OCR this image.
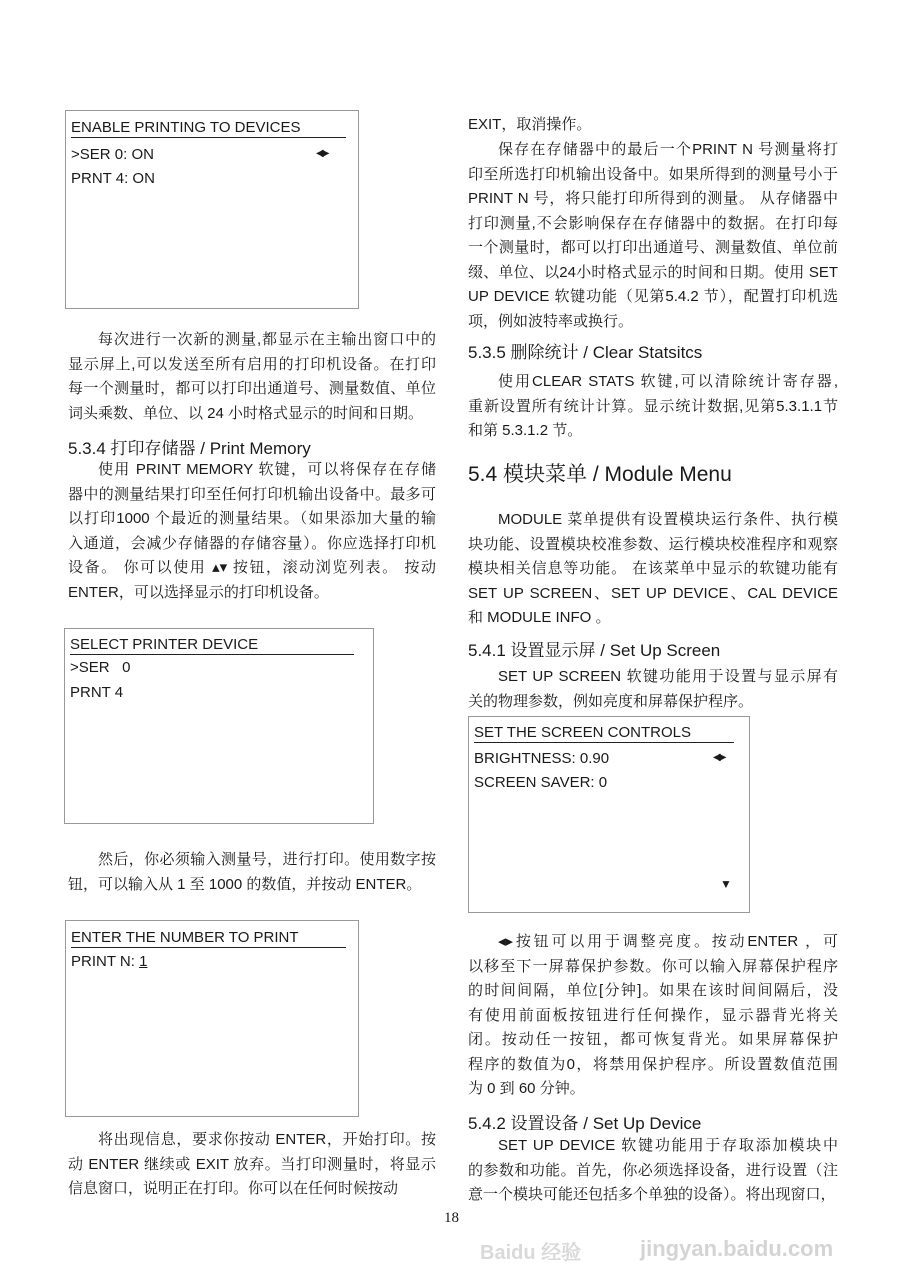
ENABLE PRINTING TO DEVICES
>SER 0: ON
PRNT 4: ON
◀▶
每次进行一次新的测量,都显示在主输出窗口中的
显示屏上,可以发送至所有启用的打印机设备。在打印
每一个测量时，都可以打印出通道号、测量数值、单位
词头乘数、单位、以 24 小时格式显示的时间和日期。
5.3.4 打印存储器 / Print Memory
使用 PRINT MEMORY 软键，可以将保存在存储
器中的测量结果打印至任何打印机输出设备中。最多可
以打印1000 个最近的测量结果。（如果添加大量的输
入通道，会减少存储器的存储容量）。你应选择打印机
设备。 你可以使用 ▴▾ 按钮，滚动浏览列表。 按动
ENTER，可以选择显示的打印机设备。
SELECT PRINTER DEVICE
>SER   0
PRNT 4
然后，你必须输入测量号，进行打印。使用数字按
钮，可以输入从 1 至 1000 的数值，并按动 ENTER。
ENTER THE NUMBER TO PRINT
PRINT N: 1
将出现信息，要求你按动 ENTER，开始打印。按
动 ENTER 继续或 EXIT 放弃。当打印测量时，将显示
信息窗口，说明正在打印。你可以在任何时候按动
EXIT，取消操作。
保存在存储器中的最后一个PRINT N 号测量将打
印至所选打印机输出设备中。如果所得到的测量号小于
PRINT N 号，将只能打印所得到的测量。 从存储器中
打印测量,不会影响保存在存储器中的数据。在打印每
一个测量时，都可以打印出通道号、测量数值、单位前
缀、单位、以24小时格式显示的时间和日期。使用 SET
UP DEVICE 软键功能（见第5.4.2 节），配置打印机选
项，例如波特率或换行。
5.3.5 删除统计 / Clear Statsitcs
使用CLEAR STATS 软键,可以清除统计寄存器,
重新设置所有统计计算。显示统计数据,见第5.3.1.1节
和第 5.3.1.2 节。
5.4 模块菜单 / Module Menu
MODULE 菜单提供有设置模块运行条件、执行模
块功能、设置模块校准参数、运行模块校准程序和观察
模块相关信息等功能。 在该菜单中显示的软键功能有
SET UP SCREEN、SET UP DEVICE、CAL DEVICE
和 MODULE INFO 。
5.4.1 设置显示屏 / Set Up Screen
SET UP SCREEN 软键功能用于设置与显示屏有
关的物理参数，例如亮度和屏幕保护程序。
SET THE SCREEN CONTROLS
BRIGHTNESS: 0.90
SCREEN SAVER: 0
◀▶
▼
◂▸按钮可以用于调整亮度。按动ENTER ，可
以移至下一屏幕保护参数。你可以输入屏幕保护程序
的时间间隔，单位[分钟]。如果在该时间间隔后，没
有使用前面板按钮进行任何操作，显示器背光将关
闭。按动任一按钮，都可恢复背光。如果屏幕保护
程序的数值为0，将禁用保护程序。所设置数值范围
为 0 到 60 分钟。
5.4.2 设置设备 / Set Up Device
SET UP DEVICE 软键功能用于存取添加模块中
的参数和功能。首先，你必须选择设备，进行设置（注
意一个模块可能还包括多个单独的设备）。将出现窗口，
18
Baidu 经验	jingyan.baidu.com
